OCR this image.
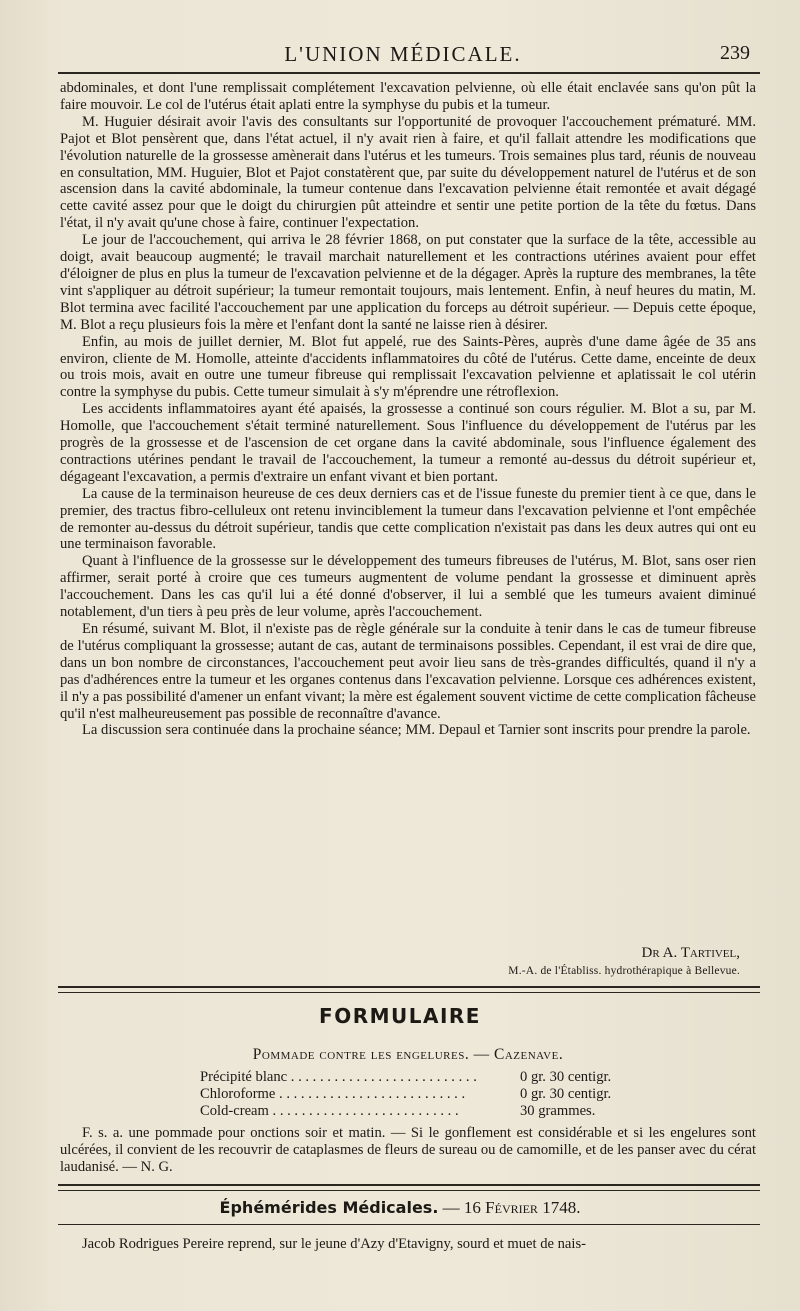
L'UNION MÉDICALE.	239

abdominales, et dont l'une remplissait complétement l'excavation pelvienne, où elle était enclavée sans qu'on pût la faire mouvoir. Le col de l'utérus était aplati entre la symphyse du pubis et la tumeur.

M. Huguier désirait avoir l'avis des consultants sur l'opportunité de provoquer l'accouchement prématuré. MM. Pajot et Blot pensèrent que, dans l'état actuel, il n'y avait rien à faire, et qu'il fallait attendre les modifications que l'évolution naturelle de la grossesse amènerait dans l'utérus et les tumeurs. Trois semaines plus tard, réunis de nouveau en consultation, MM. Huguier, Blot et Pajot constatèrent que, par suite du développement naturel de l'utérus et de son ascension dans la cavité abdominale, la tumeur contenue dans l'excavation pelvienne était remontée et avait dégagé cette cavité assez pour que le doigt du chirurgien pût atteindre et sentir une petite portion de la tête du fœtus. Dans l'état, il n'y avait qu'une chose à faire, continuer l'expectation.

Le jour de l'accouchement, qui arriva le 28 février 1868, on put constater que la surface de la tête, accessible au doigt, avait beaucoup augmenté; le travail marchait naturellement et les contractions utérines avaient pour effet d'éloigner de plus en plus la tumeur de l'excavation pelvienne et de la dégager. Après la rupture des membranes, la tête vint s'appliquer au détroit supérieur; la tumeur remontait toujours, mais lentement. Enfin, à neuf heures du matin, M. Blot termina avec facilité l'accouchement par une application du forceps au détroit supérieur. — Depuis cette époque, M. Blot a reçu plusieurs fois la mère et l'enfant dont la santé ne laisse rien à désirer.

Enfin, au mois de juillet dernier, M. Blot fut appelé, rue des Saints-Pères, auprès d'une dame âgée de 35 ans environ, cliente de M. Homolle, atteinte d'accidents inflammatoires du côté de l'utérus. Cette dame, enceinte de deux ou trois mois, avait en outre une tumeur fibreuse qui remplissait l'excavation pelvienne et aplatissait le col utérin contre la symphyse du pubis. Cette tumeur simulait à s'y m'éprendre une rétroflexion.

Les accidents inflammatoires ayant été apaisés, la grossesse a continué son cours régulier. M. Blot a su, par M. Homolle, que l'accouchement s'était terminé naturellement. Sous l'influence du développement de l'utérus par les progrès de la grossesse et de l'ascension de cet organe dans la cavité abdominale, sous l'influence également des contractions utérines pendant le travail de l'accouchement, la tumeur a remonté au-dessus du détroit supérieur et, dégageant l'excavation, a permis d'extraire un enfant vivant et bien portant.

La cause de la terminaison heureuse de ces deux derniers cas et de l'issue funeste du premier tient à ce que, dans le premier, des tractus fibro-celluleux ont retenu invinciblement la tumeur dans l'excavation pelvienne et l'ont empêchée de remonter au-dessus du détroit supérieur, tandis que cette complication n'existait pas dans les deux autres qui ont eu une terminaison favorable.

Quant à l'influence de la grossesse sur le développement des tumeurs fibreuses de l'utérus, M. Blot, sans oser rien affirmer, serait porté à croire que ces tumeurs augmentent de volume pendant la grossesse et diminuent après l'accouchement. Dans les cas qu'il lui a été donné d'observer, il lui a semblé que les tumeurs avaient diminué notablement, d'un tiers à peu près de leur volume, après l'accouchement.

En résumé, suivant M. Blot, il n'existe pas de règle générale sur la conduite à tenir dans le cas de tumeur fibreuse de l'utérus compliquant la grossesse; autant de cas, autant de terminaisons possibles. Cependant, il est vrai de dire que, dans un bon nombre de circonstances, l'accouchement peut avoir lieu sans de très-grandes difficultés, quand il n'y a pas d'adhérences entre la tumeur et les organes contenus dans l'excavation pelvienne. Lorsque ces adhérences existent, il n'y a pas possibilité d'amener un enfant vivant; la mère est également souvent victime de cette complication fâcheuse qu'il n'est malheureusement pas possible de reconnaître d'avance.

La discussion sera continuée dans la prochaine séance; MM. Depaul et Tarnier sont inscrits pour prendre la parole.

Dr A. Tartivel,
M.-A. de l'Établiss. hydrothérapique à Bellevue.
FORMULAIRE
Pommade contre les engelures. — Cazenave.
Précipité blanc . . .	0 gr. 30 centigr.
Chloroforme . . .	0 gr. 30 centigr.
Cold-cream . . .	30 grammes.

F. s. a. une pommade pour onctions soir et matin. — Si le gonflement est considérable et si les engelures sont ulcérées, il convient de les recouvrir de cataplasmes de fleurs de sureau ou de camomille, et de les panser avec du cérat laudanisé. — N. G.

Éphémérides Médicales. — 16 Février 1748.
Jacob Rodrigues Pereire reprend, sur le jeune d'Azy d'Etavigny, sourd et muet de nais-
